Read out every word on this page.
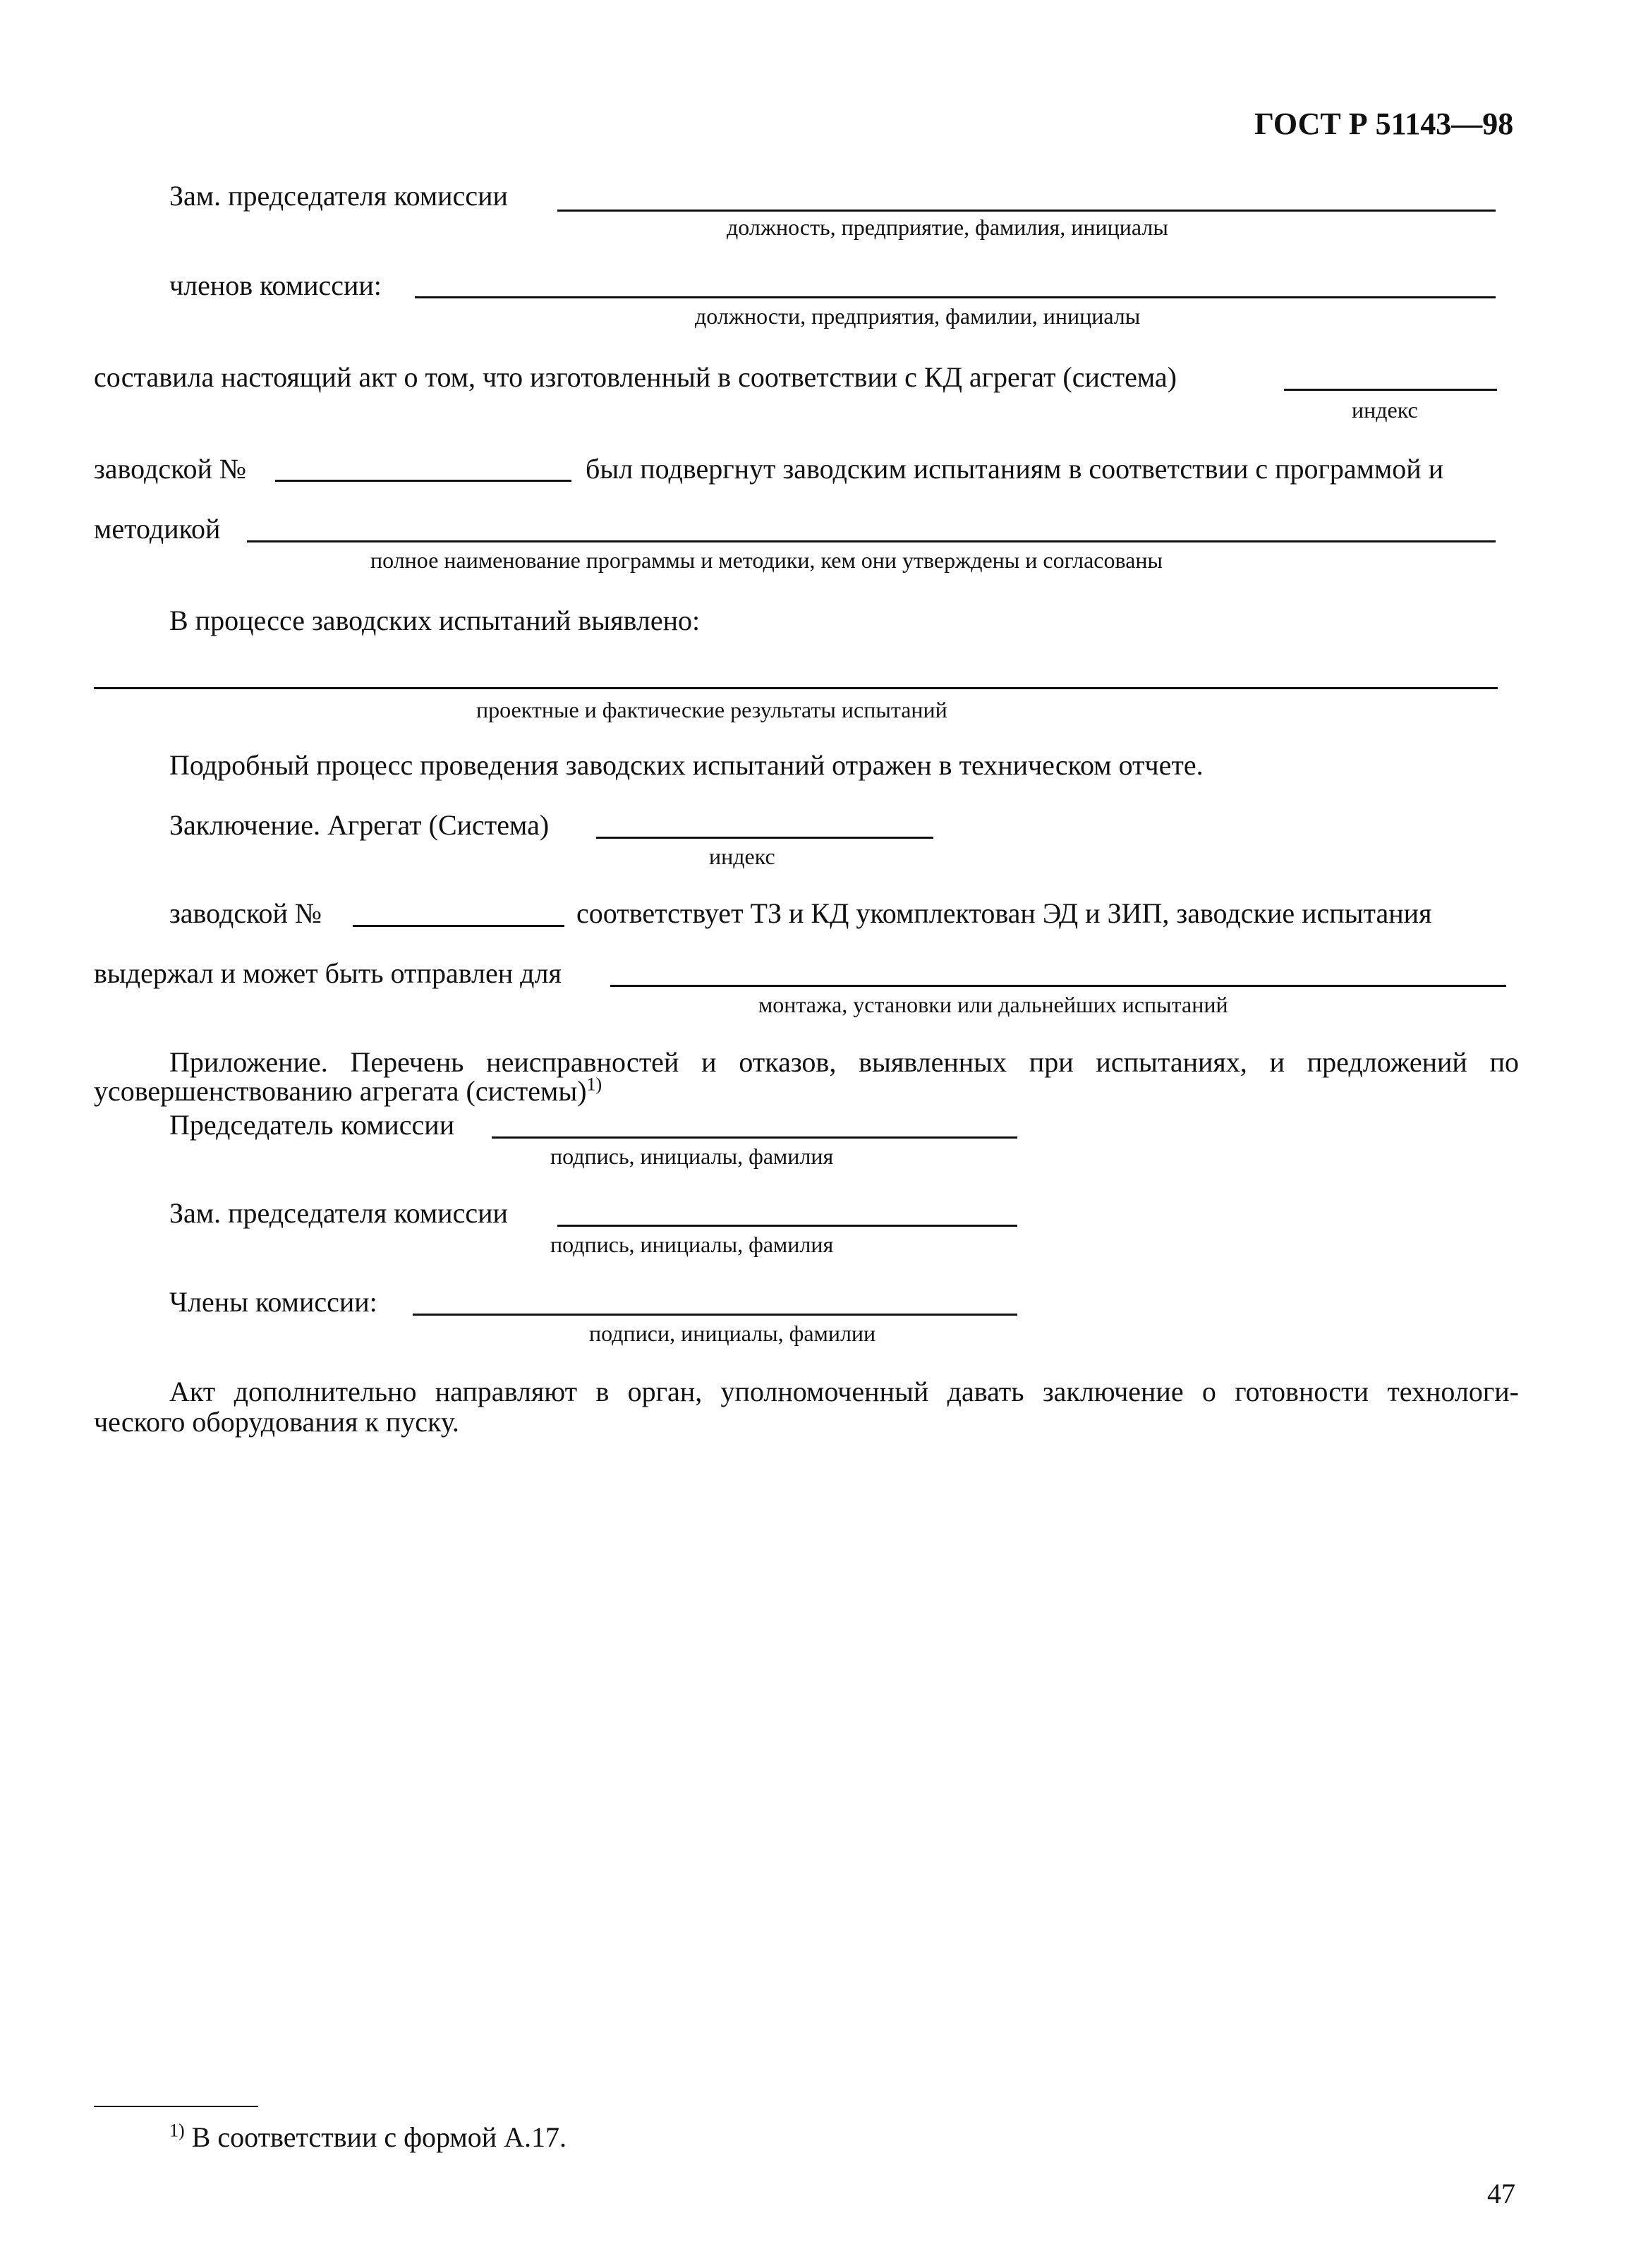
ГОСТ Р 51143—98
Зам. председателя комиссии
должность, предприятие, фамилия, инициалы
членов комиссии:
должности, предприятия, фамилии, инициалы
составила настоящий акт о том, что изготовленный в соответствии с КД агрегат (система)
индекс
заводской №	был подвергнут заводским испытаниям в соответствии с программой и
методикой
полное наименование программы и методики, кем они утверждены и согласованы
В процессе заводских испытаний выявлено:
проектные и фактические результаты испытаний
Подробный процесс проведения заводских испытаний отражен в техническом отчете.
Заключение. Агрегат (Система)
индекс
заводской №	соответствует ТЗ и КД укомплектован ЭД и ЗИП, заводские испытания
выдержал и может быть отправлен для
монтажа, установки или дальнейших испытаний
Приложение. Перечень неисправностей и отказов, выявленных при испытаниях, и предложений по
усовершенствованию агрегата (системы)$^{1)}$
Председатель комиссии
подпись, инициалы, фамилия
Зам. председателя комиссии
подпись, инициалы, фамилия
Члены комиссии:
подписи, инициалы, фамилии
Акт дополнительно направляют в орган, уполномоченный давать заключение о готовности технологи-
ческого оборудования к пуску.
$^{1)}$ В соответствии с формой А.17.
47
